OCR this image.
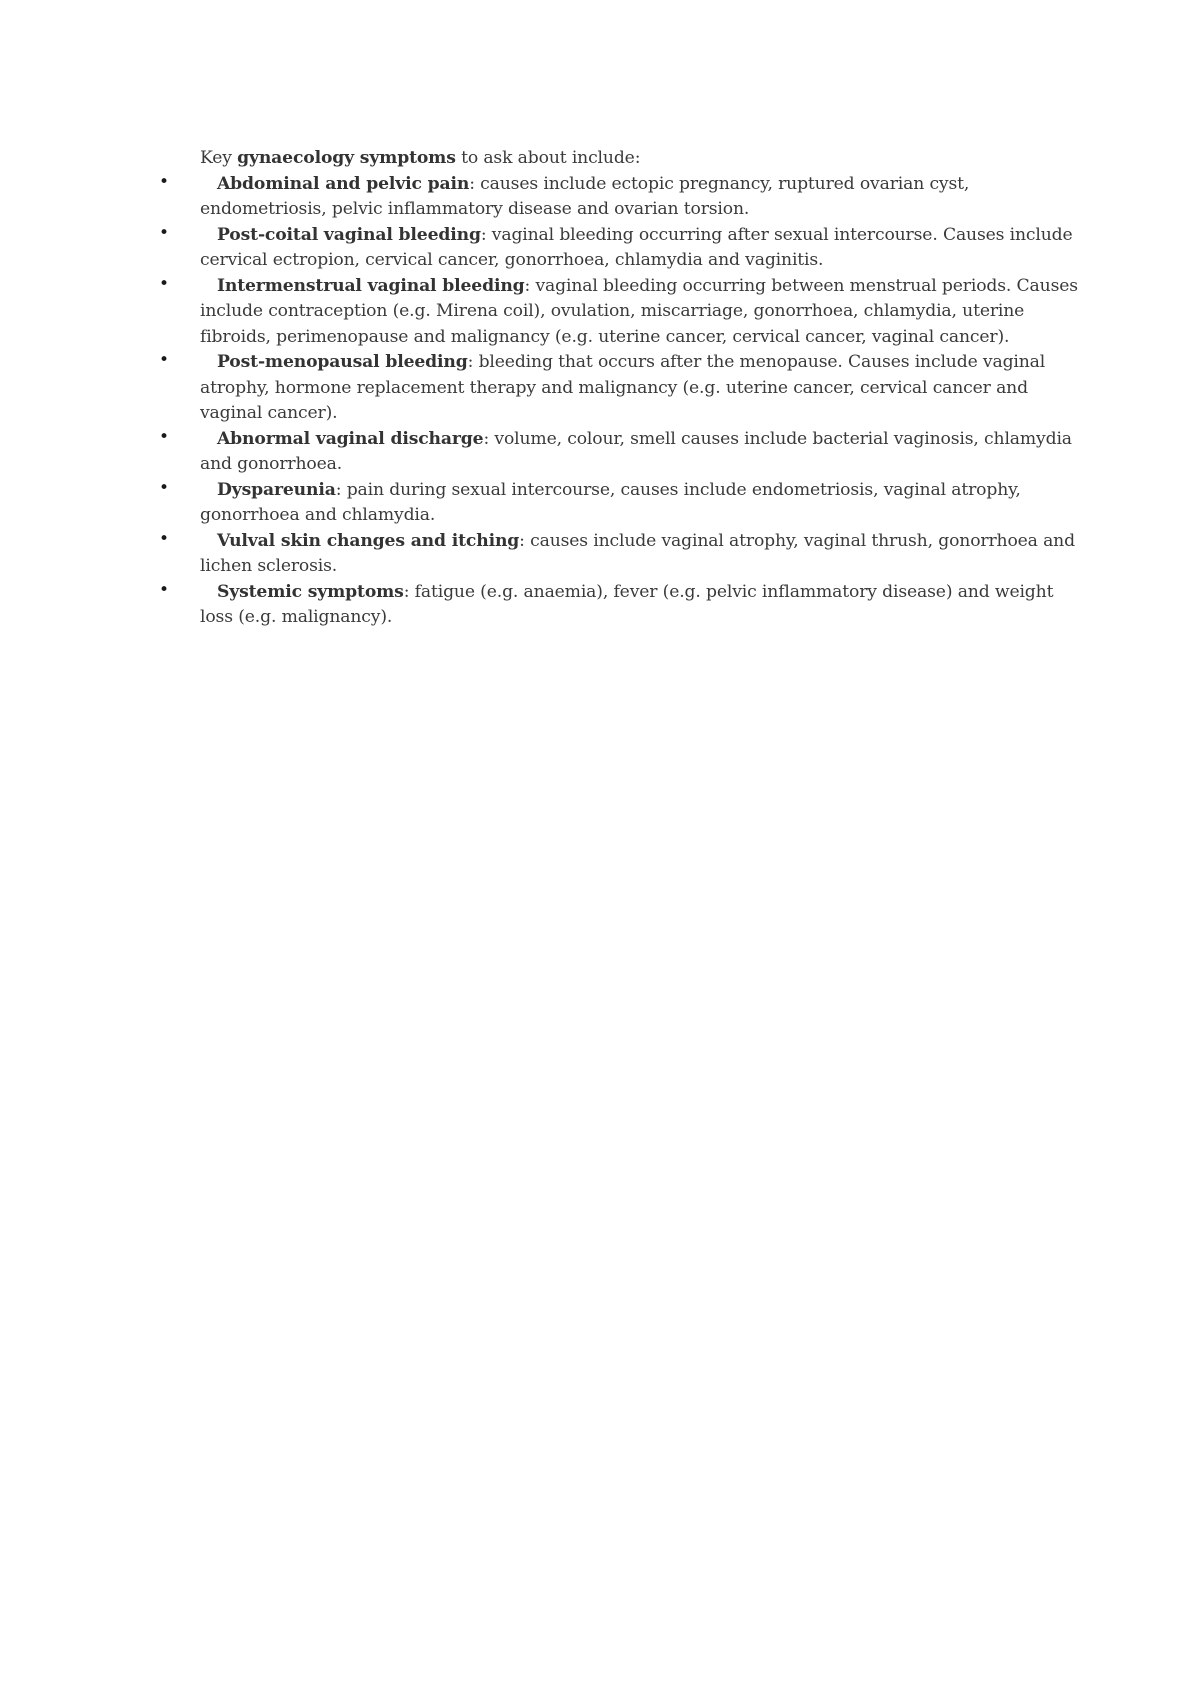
Key gynaecology symptoms to ask about include:

•	Abdominal and pelvic pain: causes include ectopic pregnancy, ruptured ovarian cyst, endometriosis, pelvic inflammatory disease and ovarian torsion.
•	Post-coital vaginal bleeding: vaginal bleeding occurring after sexual intercourse. Causes include cervical ectropion, cervical cancer, gonorrhoea, chlamydia and vaginitis.
•	Intermenstrual vaginal bleeding: vaginal bleeding occurring between menstrual periods. Causes include contraception (e.g. Mirena coil), ovulation, miscarriage, gonorrhoea, chlamydia, uterine fibroids, perimenopause and malignancy (e.g. uterine cancer, cervical cancer, vaginal cancer).
•	Post-menopausal bleeding: bleeding that occurs after the menopause. Causes include vaginal atrophy, hormone replacement therapy and malignancy (e.g. uterine cancer, cervical cancer and vaginal cancer).
•	Abnormal vaginal discharge: volume, colour, smell causes include bacterial vaginosis, chlamydia and gonorrhoea.
•	Dyspareunia: pain during sexual intercourse, causes include endometriosis, vaginal atrophy, gonorrhoea and chlamydia.
•	Vulval skin changes and itching: causes include vaginal atrophy, vaginal thrush, gonorrhoea and lichen sclerosis.
•	Systemic symptoms: fatigue (e.g. anaemia), fever (e.g. pelvic inflammatory disease) and weight loss (e.g. malignancy).
